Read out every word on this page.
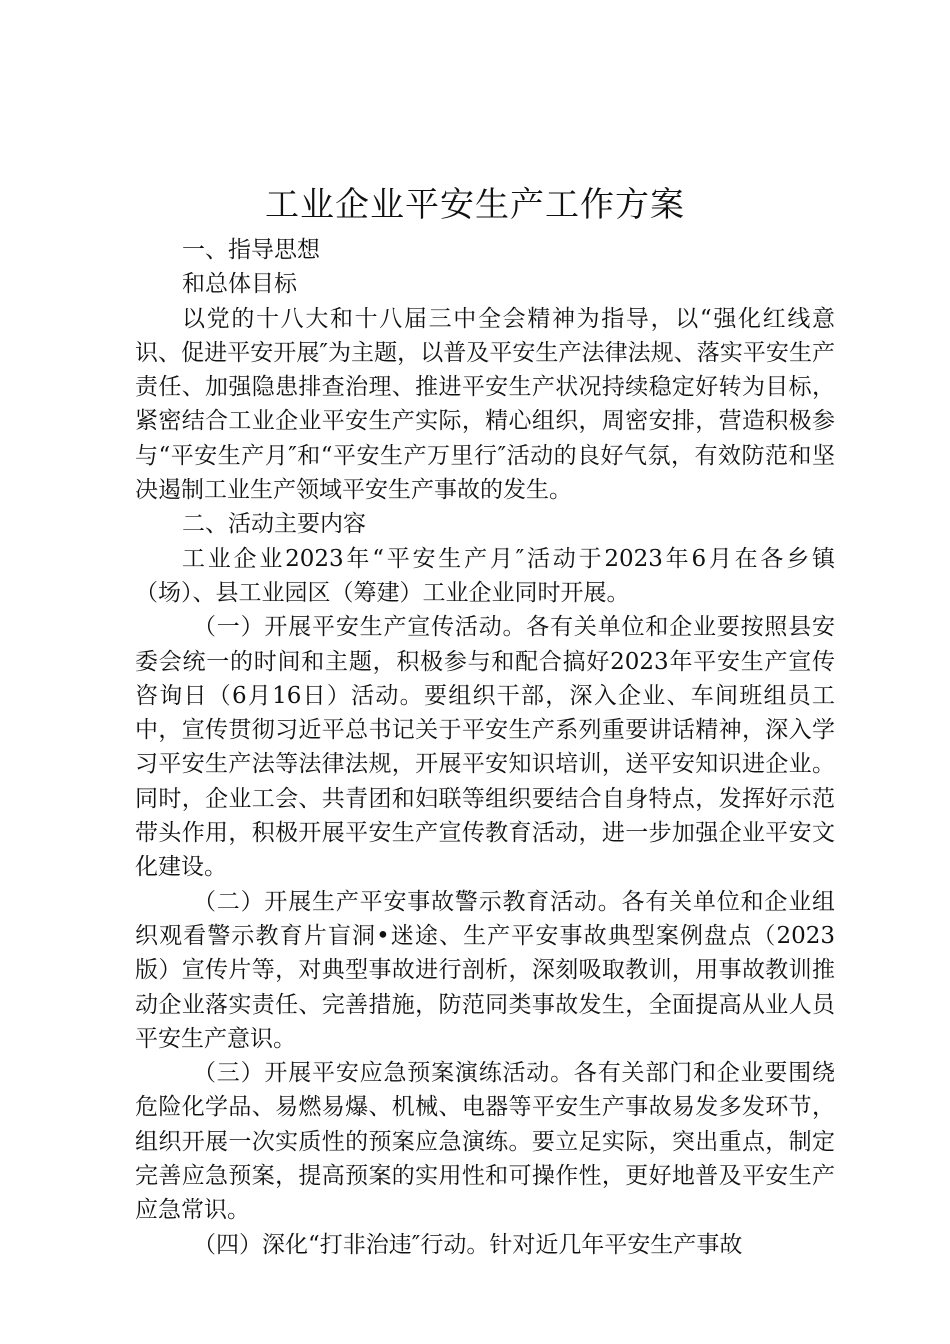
工业企业平安生产工作方案

一、指导思想

和总体目标

以党的十八大和十八届三中全会精神为指导，以“强化红线意识、促进平安开展″为主题，以普及平安生产法律法规、落实平安生产责任、加强隐患排查治理、推进平安生产状况持续稳定好转为目标，紧密结合工业企业平安生产实际，精心组织，周密安排，营造积极参与“平安生产月″和“平安生产万里行″活动的良好气氛，有效防范和坚决遏制工业生产领域平安生产事故的发生。

二、活动主要内容

工业企业2023年“平安生产月″活动于2023年6月在各乡镇（场）、县工业园区（筹建）工业企业同时开展。

（一）开展平安生产宣传活动。各有关单位和企业要按照县安委会统一的时间和主题，积极参与和配合搞好2023年平安生产宣传咨询日（6月16日）活动。要组织干部，深入企业、车间班组员工中，宣传贯彻习近平总书记关于平安生产系列重要讲话精神，深入学习平安生产法等法律法规，开展平安知识培训，送平安知识进企业。同时，企业工会、共青团和妇联等组织要结合自身特点，发挥好示范带头作用，积极开展平安生产宣传教育活动，进一步加强企业平安文化建设。

（二）开展生产平安事故警示教育活动。各有关单位和企业组织观看警示教育片盲洞•迷途、生产平安事故典型案例盘点（2023版）宣传片等，对典型事故进行剖析，深刻吸取教训，用事故教训推动企业落实责任、完善措施，防范同类事故发生，全面提高从业人员平安生产意识。

（三）开展平安应急预案演练活动。各有关部门和企业要围绕危险化学品、易燃易爆、机械、电器等平安生产事故易发多发环节，组织开展一次实质性的预案应急演练。要立足实际，突出重点，制定完善应急预案，提高预案的实用性和可操作性，更好地普及平安生产应急常识。

（四）深化“打非治违″行动。针对近几年平安生产事故
